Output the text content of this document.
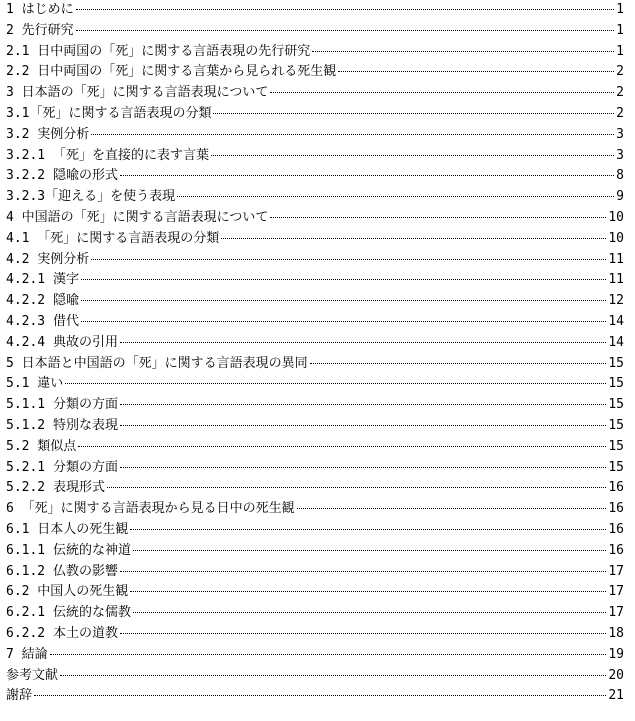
1 はじめに	1
2 先行研究	1
2.1 日中両国の「死」に関する言語表現の先行研究	1
2.2 日中両国の「死」に関する言葉から見られる死生観	2
3 日本語の「死」に関する言語表現について	2
3.1「死」に関する言語表現の分類	2
3.2 実例分析	3
3.2.1 「死」を直接的に表す言葉	3
3.2.2 隠喩の形式	8
3.2.3「迎える」を使う表現	9
4 中国語の「死」に関する言語表現について	10
4.1 「死」に関する言語表現の分類	10
4.2 実例分析	11
4.2.1 漢字	11
4.2.2 隠喩	12
4.2.3 借代	14
4.2.4 典故の引用	14
5 日本語と中国語の「死」に関する言語表現の異同	15
5.1 違い	15
5.1.1 分類の方面	15
5.1.2 特別な表現	15
5.2 類似点	15
5.2.1 分類の方面	15
5.2.2 表現形式	16
6 「死」に関する言語表現から見る日中の死生観	16
6.1 日本人の死生観	16
6.1.1 伝統的な神道	16
6.1.2 仏教の影響	17
6.2 中国人の死生観	17
6.2.1 伝統的な儒教	17
6.2.2 本土の道教	18
7 結論	19
参考文献	20
謝辞	21
